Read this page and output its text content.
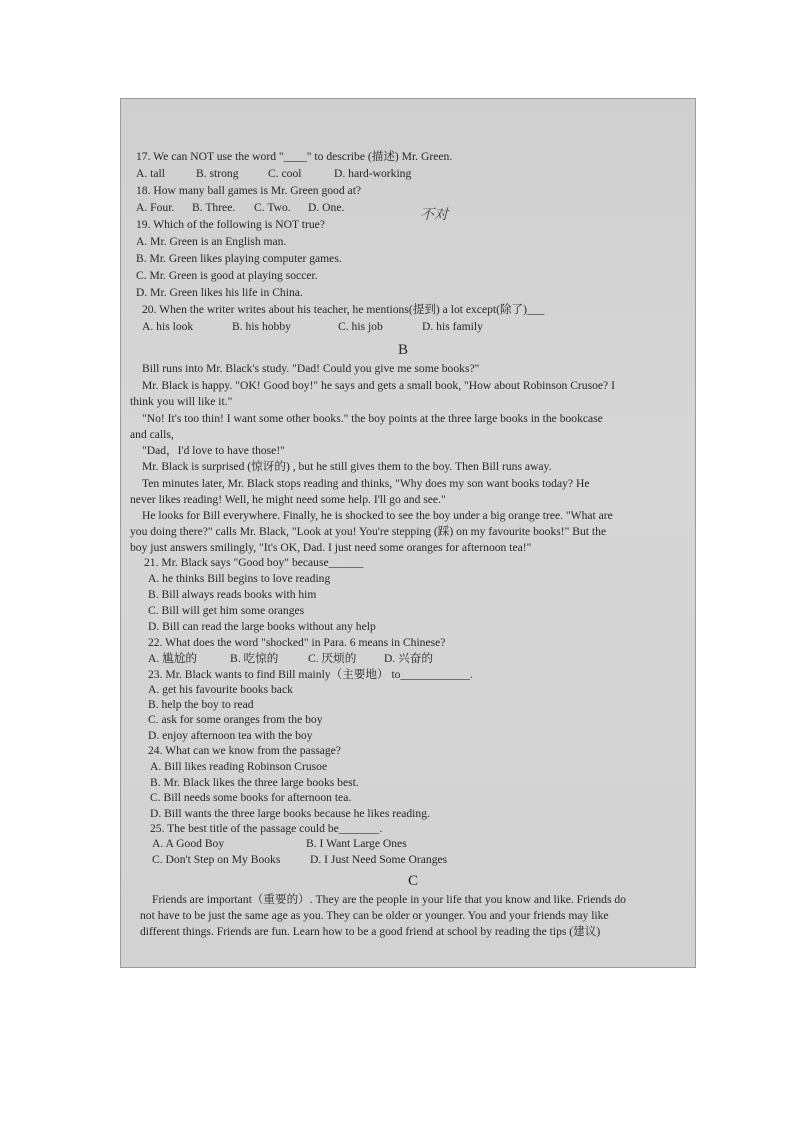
17. We can NOT use the word "____" to describe (描述) Mr. Green.
A. tall	B. strong	C. cool	D. hard-working
18. How many ball games is Mr. Green good at?
A. Four. B. Three. C. Two. D. One.	不对
19. Which of the following is NOT true?
A. Mr. Green is an English man.
B. Mr. Green likes playing computer games.
C. Mr. Green is good at playing soccer.
D. Mr. Green likes his life in China.
20. When the writer writes about his teacher, he mentions(提到) a lot except(除了)___
A. his look	B. his hobby	C. his job	D. his family
B
Bill runs into Mr. Black's study. "Dad! Could you give me some books?"
Mr. Black is happy. "OK! Good boy!" he says and gets a small book, "How about Robinson Crusoe? I
think you will like it."
"No! It's too thin! I want some other books." the boy points at the three large books in the bookcase
and calls,
"Dad，I'd love to have those!"
Mr. Black is surprised (惊讶的) , but he still gives them to the boy. Then Bill runs away.
Ten minutes later, Mr. Black stops reading and thinks, "Why does my son want books today? He
never likes reading! Well, he might need some help. I'll go and see."
He looks for Bill everywhere. Finally, he is shocked to see the boy under a big orange tree. "What are
you doing there?" calls Mr. Black, "Look at you! You're stepping (踩) on my favourite books!" But the
boy just answers smilingly, "It's OK, Dad. I just need some oranges for afternoon tea!"
21. Mr. Black says "Good boy" because______
A. he thinks Bill begins to love reading
B. Bill always reads books with him
C. Bill will get him some oranges
D. Bill can read the large books without any help
22. What does the word "shocked" in Para. 6 means in Chinese?
A. 尴尬的	B. 吃惊的	C. 厌烦的 D. 兴奋的
23. Mr. Black wants to find Bill mainly（主要地） to____________.
A. get his favourite books back
B. help the boy to read
C. ask for some oranges from the boy
D. enjoy afternoon tea with the boy
24. What can we know from the passage?
A. Bill likes reading Robinson Crusoe
B. Mr. Black likes the three large books best.
C. Bill needs some books for afternoon tea.
D. Bill wants the three large books because he likes reading.
25. The best title of the passage could be_______.
A. A Good Boy	B. I Want Large Ones
C. Don't Step on My Books	D. I Just Need Some Oranges
C
Friends are important（重要的）. They are the people in your life that you know and like. Friends do
not have to be just the same age as you. They can be older or younger. You and your friends may like
different things. Friends are fun. Learn how to be a good friend at school by reading the tips (建议)
